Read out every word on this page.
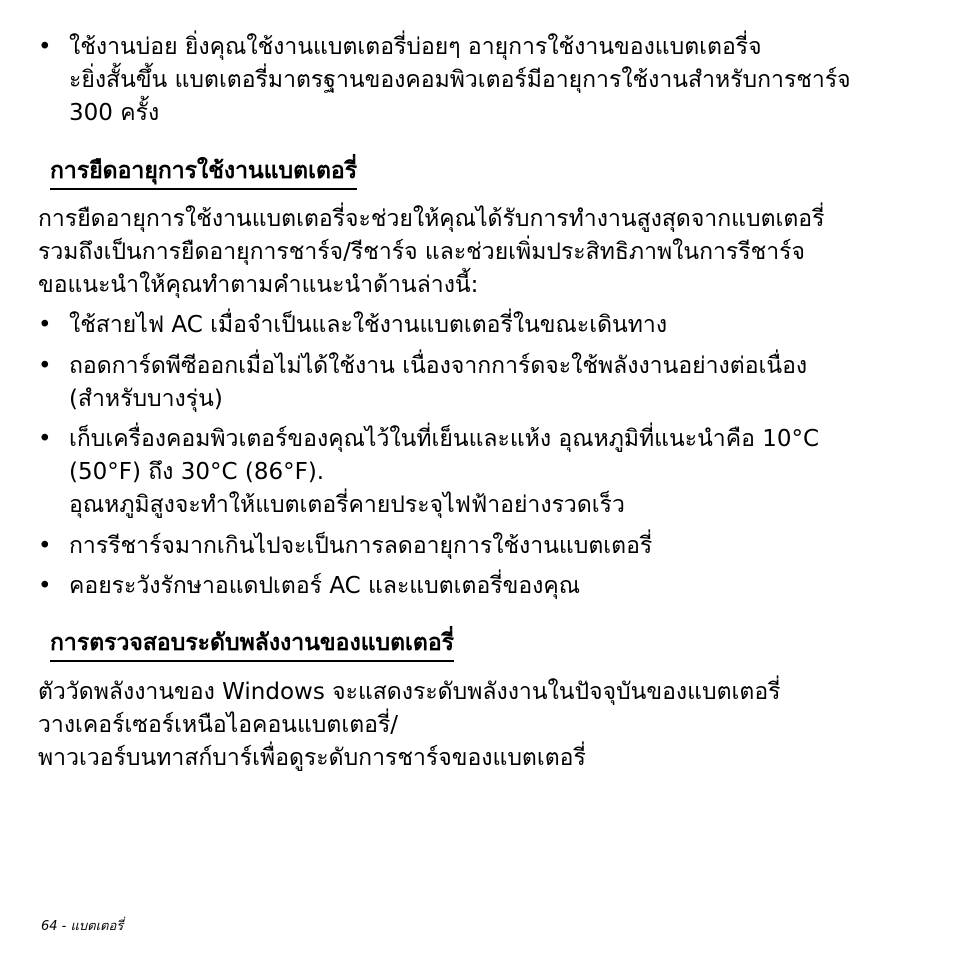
• ใช้งานบ่อย ยิ่งคุณใช้งานแบตเตอรี่บ่อยๆ อายุการใช้งานของแบตเตอรี่จ
ะยิ่งสั้นขึ้น แบตเตอรี่มาตรฐานของคอมพิวเตอร์มีอายุการใช้งานสำหรับการชาร์จ
300 ครั้ง
การยืดอายุการใช้งานแบตเตอรี่
การยืดอายุการใช้งานแบตเตอรี่จะช่วยให้คุณได้รับการทำงานสูงสุดจากแบตเตอรี่
รวมถึงเป็นการยืดอายุการชาร์จ/รีชาร์จ และช่วยเพิ่มประสิทธิภาพในการรีชาร์จ
ขอแนะนำให้คุณทำตามคำแนะนำด้านล่างนี้:
• ใช้สายไฟ AC เมื่อจำเป็นและใช้งานแบตเตอรี่ในขณะเดินทาง
• ถอดการ์ดพีซีออกเมื่อไม่ได้ใช้งาน เนื่องจากการ์ดจะใช้พลังงานอย่างต่อเนื่อง
(สำหรับบางรุ่น)
• เก็บเครื่องคอมพิวเตอร์ของคุณไว้ในที่เย็นและแห้ง อุณหภูมิที่แนะนำคือ 10°C
(50°F) ถึง 30°C (86°F).
อุณหภูมิสูงจะทำให้แบตเตอรี่คายประจุไฟฟ้าอย่างรวดเร็ว
• การรีชาร์จมากเกินไปจะเป็นการลดอายุการใช้งานแบตเตอรี่
• คอยระวังรักษาอแดปเตอร์ AC และแบตเตอรี่ของคุณ
การตรวจสอบระดับพลังงานของแบตเตอรี่
ตัววัดพลังงานของ Windows จะแสดงระดับพลังงานในปัจจุบันของแบตเตอรี่
วางเคอร์เซอร์เหนือไอคอนแบตเตอรี่/
พาวเวอร์บนทาสก์บาร์เพื่อดูระดับการชาร์จของแบตเตอรี่
64 - แบตเตอรี่
